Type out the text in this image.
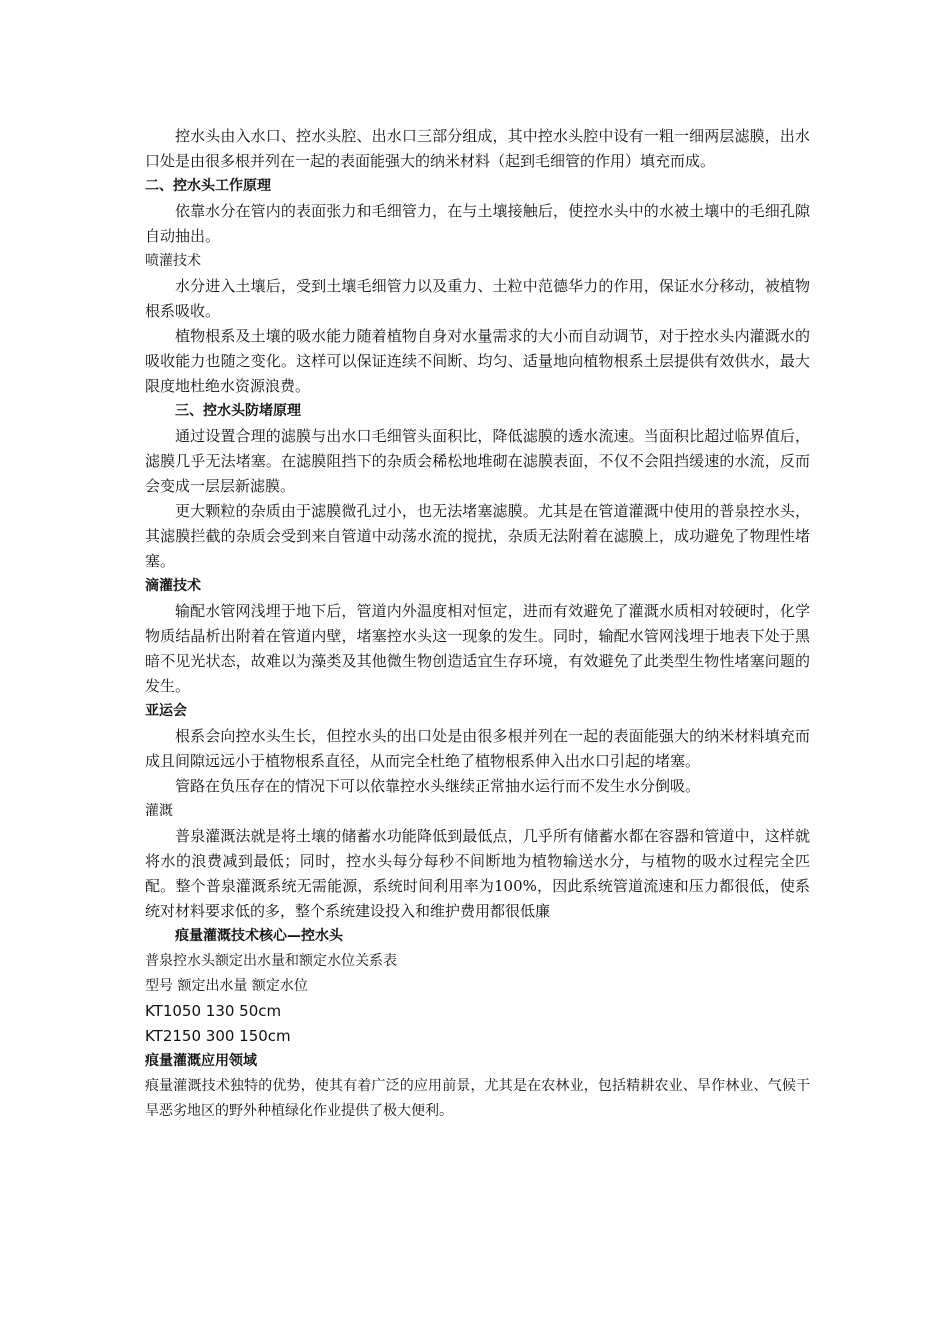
控水头由入水口、控水头腔、出水口三部分组成，其中控水头腔中设有一粗一细两层滤膜，出水口处是由很多根并列在一起的表面能强大的纳米材料（起到毛细管的作用）填充而成。

二、控水头工作原理

依靠水分在管内的表面张力和毛细管力，在与土壤接触后，使控水头中的水被土壤中的毛细孔隙自动抽出。

喷灌技术

水分进入土壤后，受到土壤毛细管力以及重力、土粒中范德华力的作用，保证水分移动，被植物根系吸收。

植物根系及土壤的吸水能力随着植物自身对水量需求的大小而自动调节，对于控水头内灌溉水的吸收能力也随之变化。这样可以保证连续不间断、均匀、适量地向植物根系土层提供有效供水，最大限度地杜绝水资源浪费。

三、控水头防堵原理

通过设置合理的滤膜与出水口毛细管头面积比，降低滤膜的透水流速。当面积比超过临界值后，滤膜几乎无法堵塞。在滤膜阻挡下的杂质会稀松地堆砌在滤膜表面，不仅不会阻挡缓速的水流，反而会变成一层层新滤膜。

更大颗粒的杂质由于滤膜微孔过小，也无法堵塞滤膜。尤其是在管道灌溉中使用的普泉控水头，其滤膜拦截的杂质会受到来自管道中动荡水流的搅扰，杂质无法附着在滤膜上，成功避免了物理性堵塞。

滴灌技术

输配水管网浅埋于地下后，管道内外温度相对恒定，进而有效避免了灌溉水质相对较硬时，化学物质结晶析出附着在管道内壁，堵塞控水头这一现象的发生。同时，输配水管网浅埋于地表下处于黑暗不见光状态，故难以为藻类及其他微生物创造适宜生存环境，有效避免了此类型生物性堵塞问题的发生。

亚运会

根系会向控水头生长，但控水头的出口处是由很多根并列在一起的表面能强大的纳米材料填充而成且间隙远远小于植物根系直径，从而完全杜绝了植物根系伸入出水口引起的堵塞。

管路在负压存在的情况下可以依靠控水头继续正常抽水运行而不发生水分倒吸。

灌溉

普泉灌溉法就是将土壤的储蓄水功能降低到最低点，几乎所有储蓄水都在容器和管道中，这样就将水的浪费减到最低；同时，控水头每分每秒不间断地为植物输送水分，与植物的吸水过程完全匹配。整个普泉灌溉系统无需能源，系统时间利用率为100%，因此系统管道流速和压力都很低，使系统对材料要求低的多，整个系统建设投入和维护费用都很低廉

痕量灌溉技术核心—控水头

普泉控水头额定出水量和额定水位关系表

型号 额定出水量 额定水位

KT1050 130 50cm

KT2150 300 150cm

痕量灌溉应用领域

痕量灌溉技术独特的优势，使其有着广泛的应用前景，尤其是在农林业，包括精耕农业、旱作林业、气候干旱恶劣地区的野外种植绿化作业提供了极大便利。
